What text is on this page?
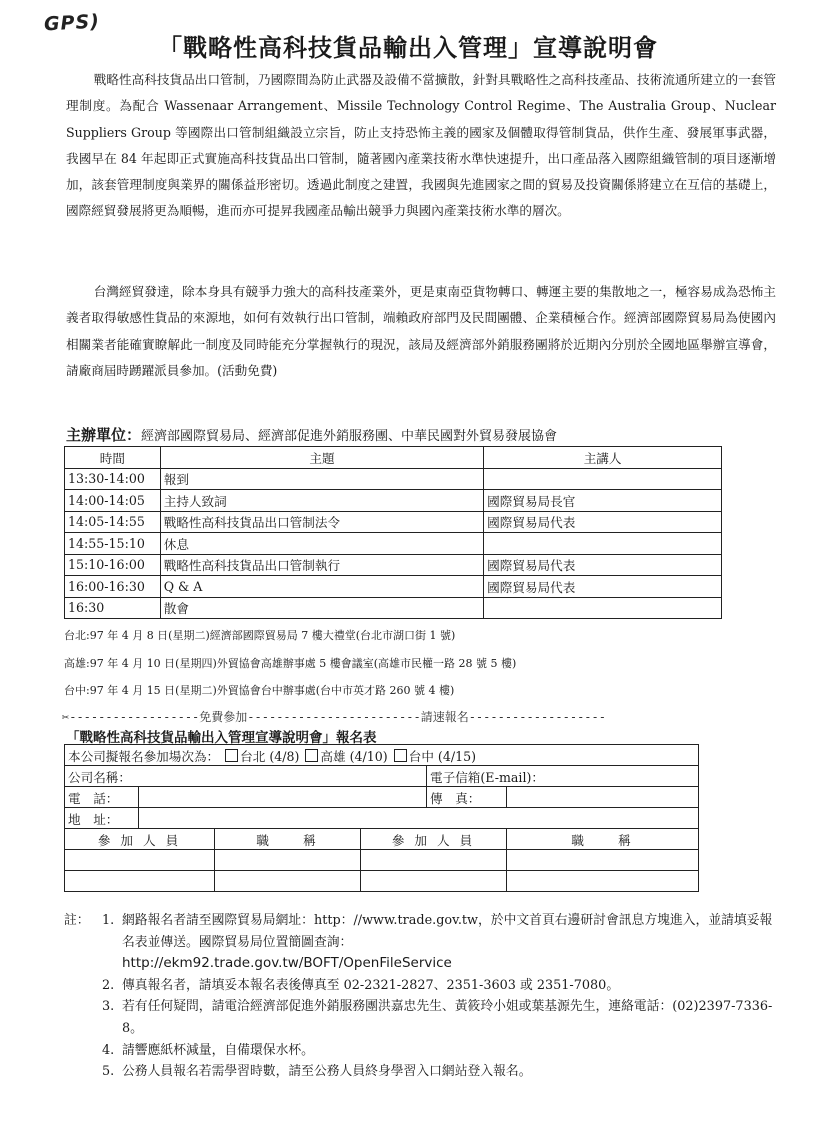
GPS)
「戰略性高科技貨品輸出入管理」宣導說明會

戰略性高科技貨品出口管制，乃國際間為防止武器及設備不當擴散，針對具戰略性之高科技產品、技術流通所建立的一套管理制度。為配合 Wassenaar Arrangement、Missile Technology Control Regime、The Australia Group、Nuclear Suppliers Group 等國際出口管制組織設立宗旨，防止支持恐怖主義的國家及個體取得管制貨品，供作生產、發展軍事武器，我國早在 84 年起即正式實施高科技貨品出口管制，隨著國內產業技術水準快速提升，出口產品落入國際組織管制的項目逐漸增加，該套管理制度與業界的關係益形密切。透過此制度之建置，我國與先進國家之間的貿易及投資關係將建立在互信的基礎上，國際經貿發展將更為順暢，進而亦可提昇我國產品輸出競爭力與國內產業技術水準的層次。

台灣經貿發達，除本身具有競爭力強大的高科技產業外，更是東南亞貨物轉口、轉運主要的集散地之一，極容易成為恐怖主義者取得敏感性貨品的來源地，如何有效執行出口管制，端賴政府部門及民間團體、企業積極合作。經濟部國際貿易局為使國內相關業者能確實瞭解此一制度及同時能充分掌握執行的現況，該局及經濟部外銷服務團將於近期內分別於全國地區舉辦宣導會，請廠商屆時踴躍派員參加。(活動免費)

主辦單位：經濟部國際貿易局、經濟部促進外銷服務團、中華民國對外貿易發展協會
時間	主題	主講人
13:30-14:00	報到	
14:00-14:05	主持人致詞	國際貿易局長官
14:05-14:55	戰略性高科技貨品出口管制法令	國際貿易局代表
14:55-15:10	休息	
15:10-16:00	戰略性高科技貨品出口管制執行	國際貿易局代表
16:00-16:30	Q & A	國際貿易局代表
16:30	散會	
台北:97 年 4 月 8 日(星期二)經濟部國際貿易局 7 樓大禮堂(台北市湖口街 1 號)
高雄:97 年 4 月 10 日(星期四)外貿協會高雄辦事處 5 樓會議室(高雄市民權一路 28 號 5 樓)
台中:97 年 4 月 15 日(星期二)外貿協會台中辦事處(台中市英才路 260 號 4 樓)
✂------------------免費參加------------------------請速報名-------------------
「戰略性高科技貨品輸出入管理宣導說明會」報名表
本公司擬報名參加場次為： 台北 (4/8) 高雄 (4/10) 台中 (4/15)					
公司名稱：				電子信箱(E-mail)：	
電　話：				傳　真：	
地　址：					
參 加 人 員		職　　稱	參 加 人 員		職　　稱

註： 1. 網路報名者請至國際貿易局網址：http：//www.trade.gov.tw，於中文首頁右邊研討會訊息方塊進入，並請填妥報名表並傳送。國際貿易局位置簡圖查詢：
http://ekm92.trade.gov.tw/BOFT/OpenFileService
2. 傳真報名者，請填妥本報名表後傳真至 02-2321-2827、2351-3603 或 2351-7080。
3. 若有任何疑問，請電洽經濟部促進外銷服務團洪嘉忠先生、黃筱玲小姐或葉基源先生，連絡電話：(02)2397-7336-8。
4. 請響應紙杯減量，自備環保水杯。
5. 公務人員報名若需學習時數，請至公務人員終身學習入口網站登入報名。
